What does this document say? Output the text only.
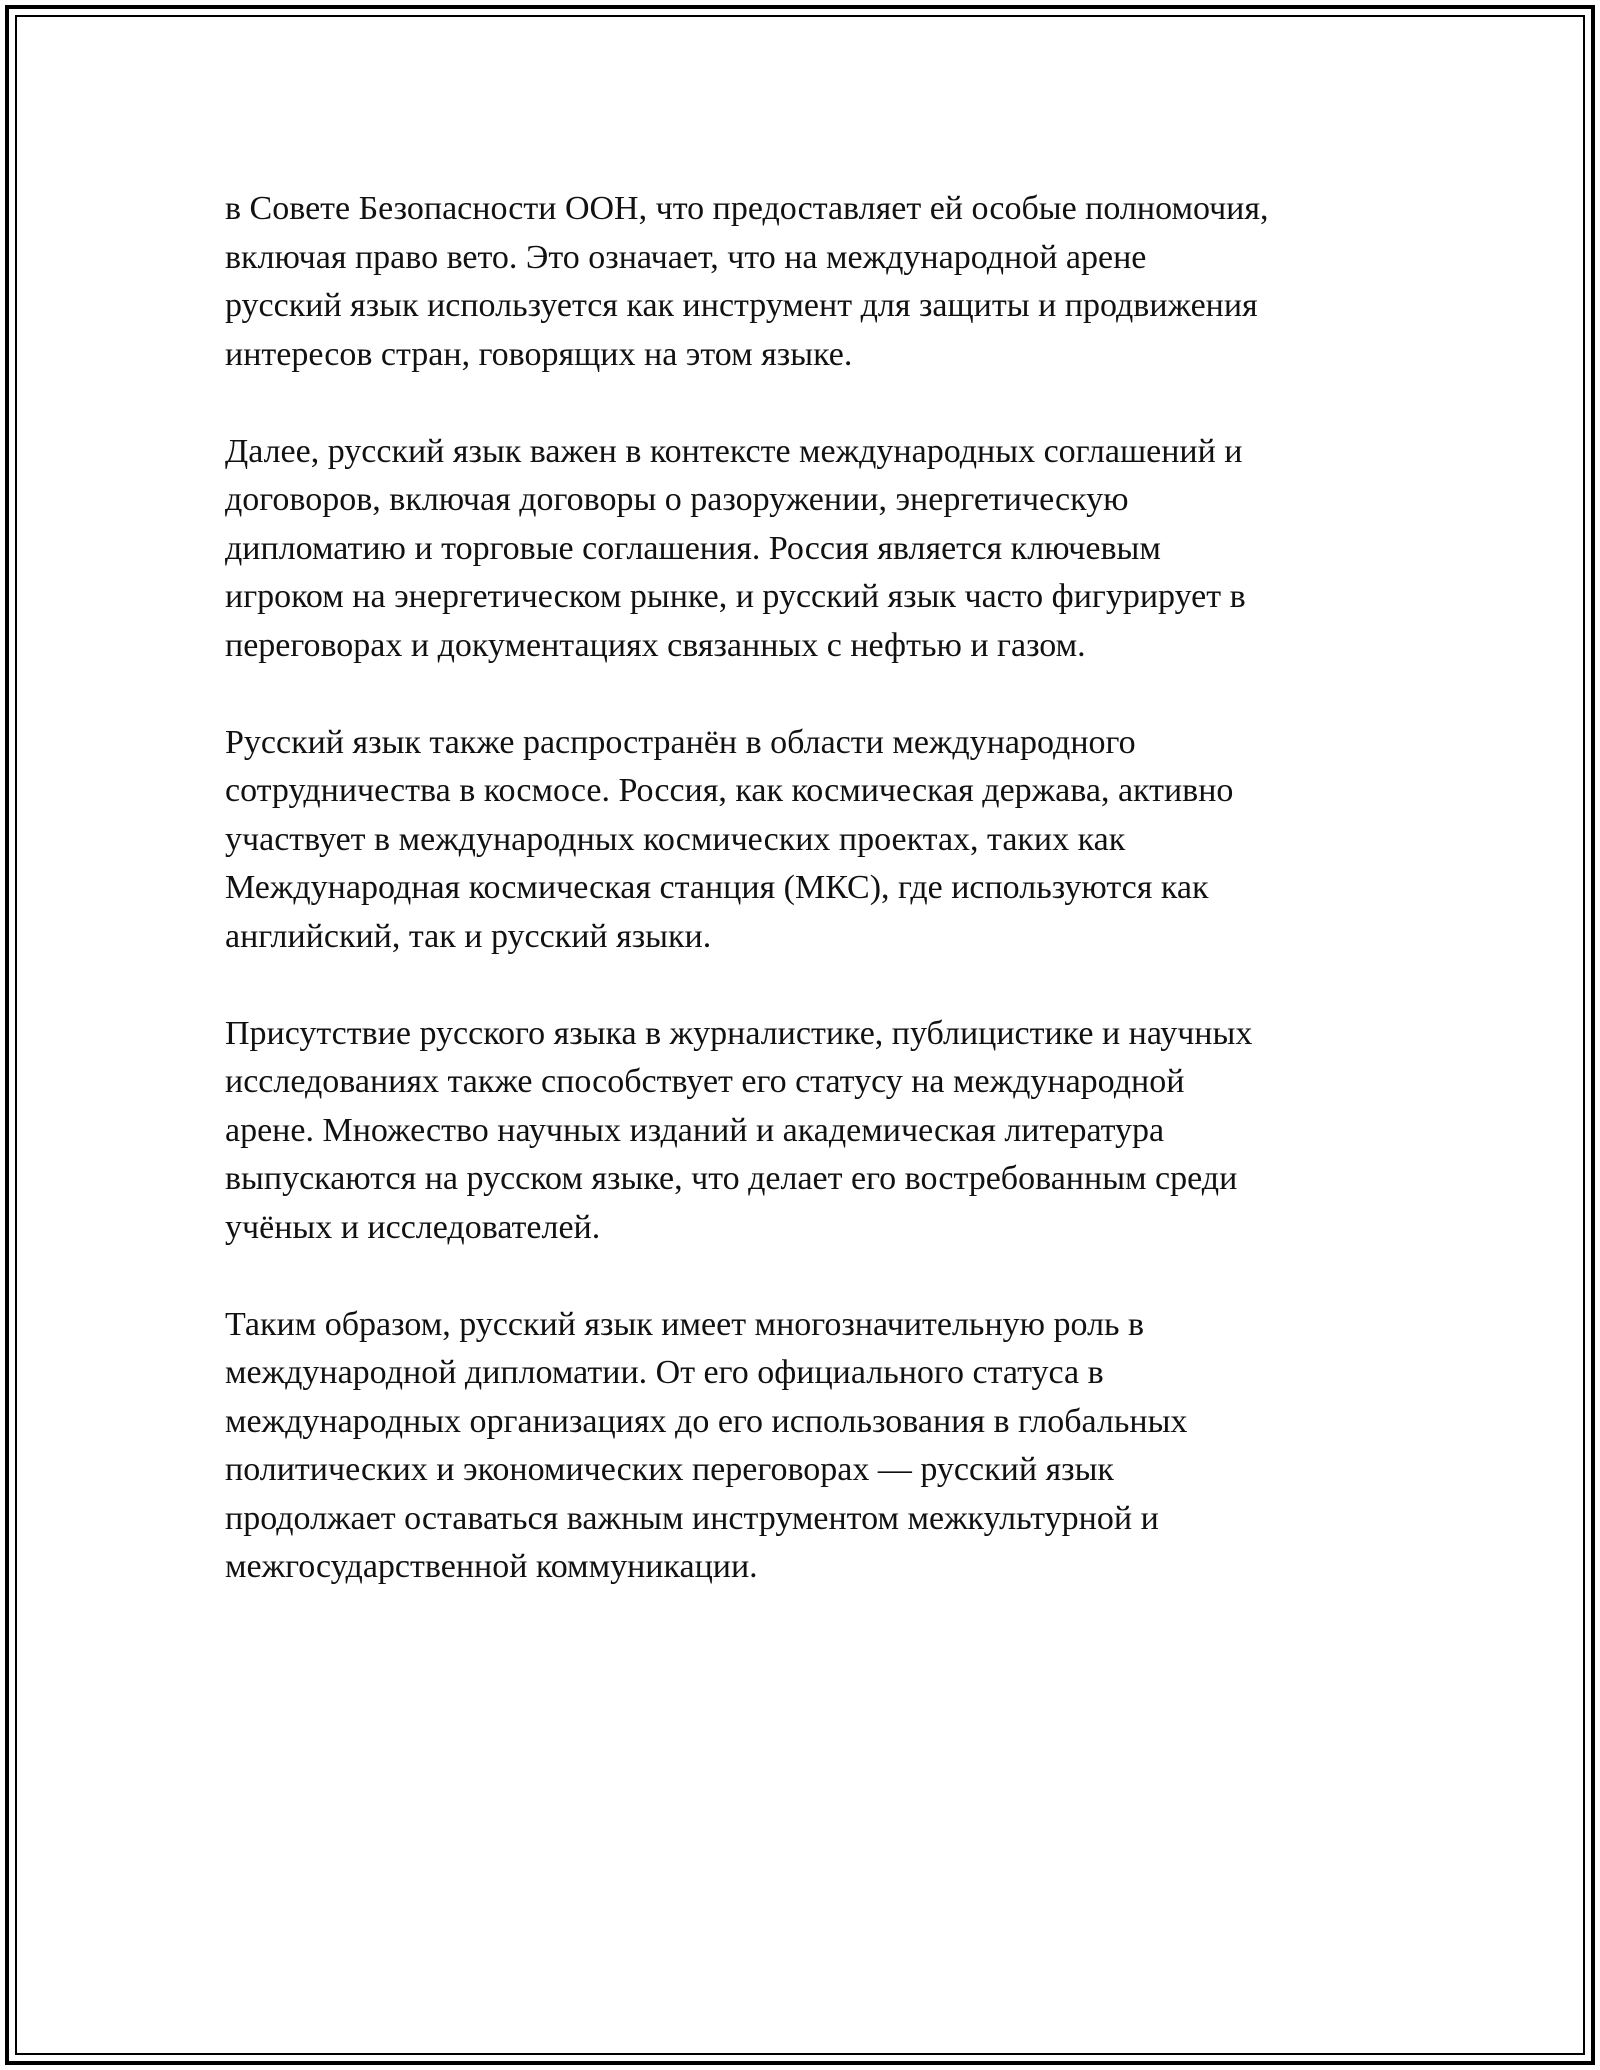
в Совете Безопасности ООН, что предоставляет ей особые полномочия,
включая право вето. Это означает, что на международной арене
русский язык используется как инструмент для защиты и продвижения
интересов стран, говорящих на этом языке.

Далее, русский язык важен в контексте международных соглашений и
договоров, включая договоры о разоружении, энергетическую
дипломатию и торговые соглашения. Россия является ключевым
игроком на энергетическом рынке, и русский язык часто фигурирует в
переговорах и документациях связанных с нефтью и газом.

Русский язык также распространён в области международного
сотрудничества в космосе. Россия, как космическая держава, активно
участвует в международных космических проектах, таких как
Международная космическая станция (МКС), где используются как
английский, так и русский языки.

Присутствие русского языка в журналистике, публицистике и научных
исследованиях также способствует его статусу на международной
арене. Множество научных изданий и академическая литература
выпускаются на русском языке, что делает его востребованным среди
учёных и исследователей.

Таким образом, русский язык имеет многозначительную роль в
международной дипломатии. От его официального статуса в
международных организациях до его использования в глобальных
политических и экономических переговорах — русский язык
продолжает оставаться важным инструментом межкультурной и
межгосударственной коммуникации.
